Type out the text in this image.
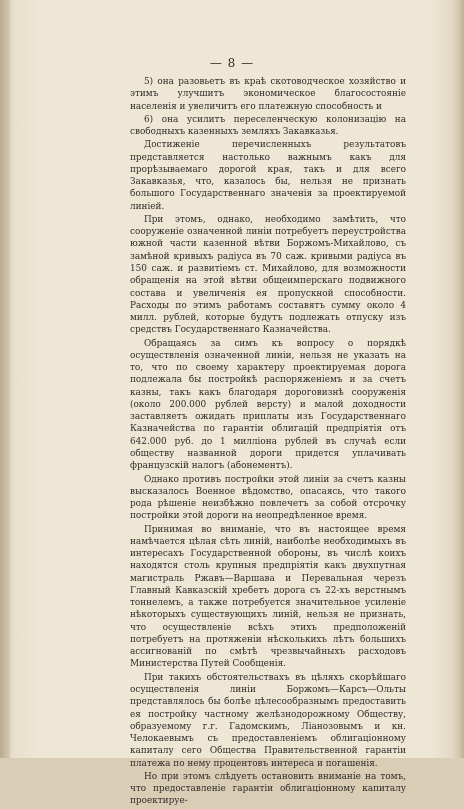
— 8 —

5) она разовьетъ въ краѣ скотоводческое хозяйство и этимъ улучшитъ экономическое благосостояніе населенія и увеличитъ его платежную способность и

6) она усилитъ переселенческую колонизацію на свободныхъ казенныхъ земляхъ Закавказья.

Достиженіе перечисленныхъ результатовъ представляется настолько важнымъ какъ для прорѣзываемаго дорогой края, такъ и для всего Закавказья, что, казалось бы, нельзя не признать большого Государственнаго значенія за проектируемой линіей.

При этомъ, однако, необходимо замѣтить, что сооруженіе означенной линіи потребуетъ переустройства южной части казенной вѣтви Боржомъ-Михайлово, съ замѣной кривыхъ радіуса въ 70 саж. кривыми радіуса въ 150 саж. и развитіемъ ст. Михайлово, для возможности обращенія на этой вѣтви общеимперскаго подвижного состава и увеличенія ея пропускной способности. Расходы по этимъ работамъ составятъ сумму около 4 милл. рублей, которые будутъ подлежать отпуску изъ средствъ Государственнаго Казначейства.

Обращаясь за симъ къ вопросу о порядкѣ осуществленія означенной линіи, нельзя не указать на то, что по своему характеру проектируемая дорога подлежала бы постройкѣ распоряженіемъ и за счетъ казны, такъ какъ благодаря дороговизнѣ сооруженія (около 200.000 рублей версту) и малой доходности заставляетъ ожидать приплаты изъ Государственнаго Казначейства по гарантіи облигацій предпріятія отъ 642.000 руб. до 1 милліона рублей въ случаѣ если обществу названной дороги придется уплачивать французскій налогъ (абонементъ).

Однако противъ постройки этой линіи за счетъ казны высказалось Военное вѣдомство, опасаясь, что такого рода рѣшеніе неизбѣжно повлечетъ за собой отсрочку постройки этой дороги на неопредѣленное время.

Принимая во вниманіе, что въ настоящее время намѣчается цѣлая сѣть линій, наиболѣе необходимыхъ въ интересахъ Государственной обороны, въ числѣ коихъ находятся столь крупныя предпріятія какъ двухпутная магистраль Ржавъ—Варшава и Перевальная черезъ Главный Кавказскій хребетъ дорога съ 22-хъ верстнымъ тоннелемъ, а также потребуется значительное усиленіе нѣкоторыхъ существующихъ линій, нельзя не признать, что осуществленіе всѣхъ этихъ предположеній потребуетъ на протяженіи нѣсколькихъ лѣтъ большихъ ассигнованій по смѣтѣ чрезвычайныхъ расходовъ Министерства Путей Сообщенія.

При такихъ обстоятельствахъ въ цѣляхъ скорѣйшаго осуществленія линіи Боржомъ—Карсъ—Ольты представлялось бы болѣе цѣлесообразнымъ предоставить ея постройку частному желѣзнодорожному Обществу, образуемому г.г. Гадомскимъ, Ліанозовымъ и кн. Челокаевымъ съ предоставленіемъ облигаціонному капиталу сего Общества Правительственной гарантіи платежа по нему процентовъ интереса и погашенія.

Но при этомъ слѣдуетъ остановить вниманіе на томъ, что предоставленіе гарантіи облигаціонному капиталу проектируе-
